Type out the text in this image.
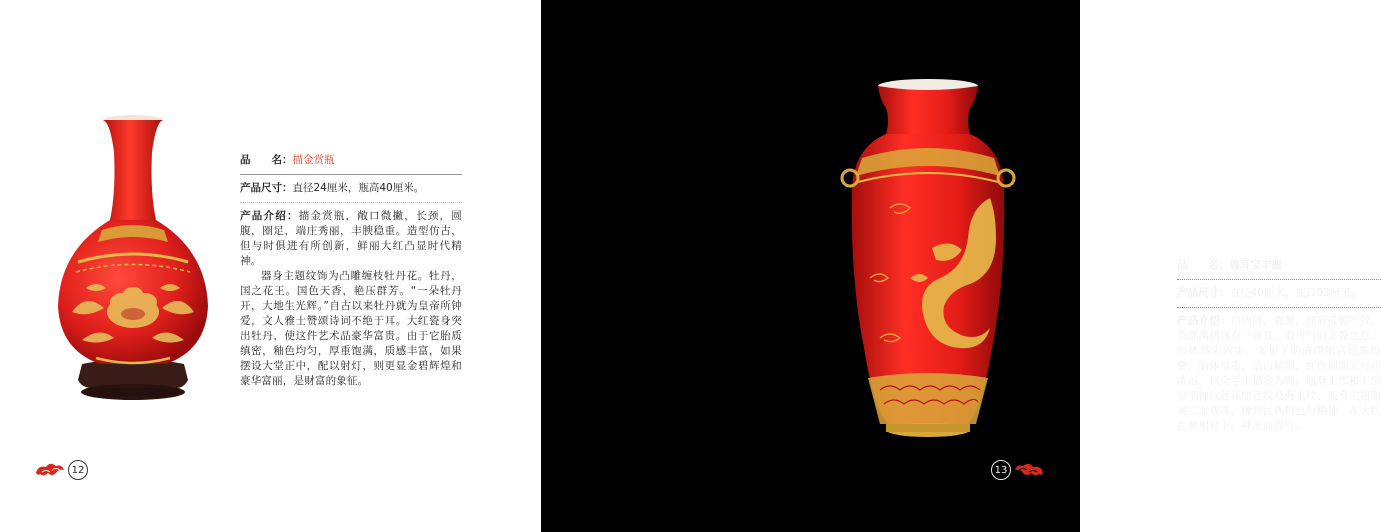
品　　名： 描金赏瓶
产品尺寸： 直径24厘米，瓶高40厘米。

产品介绍：描金赏瓶，敞口微撇，长颈，圆腹，圈足，端庄秀丽，丰腴稳重。造型仿古，但与时俱进有所创新，鲜丽大红凸显时代精神。

器身主题纹饰为凸雕缠枝牡丹花。牡丹，国之花王。国色天香，艳压群芳。“一朵牡丹开，大地生光辉。”自古以来牡丹就为皇帝所钟爱，文人雅士赞颂诗词不绝于耳。大红瓷身突出牡丹，使这件艺术品豪华富贵。由于它胎质缜密，釉色均匀，厚重饱满，质感丰富，如果摆设大堂正中，配以射灯，则更显金碧辉煌和豪华富丽，是财富的象征。

12
品　　名： 兽耳宝丰瓶
产品尺寸： 直径40厘米，瓶高93厘米。

产品介绍：口内敛，直颈，溜肩孤腹下敛，肩部两侧各有一兽耳，取贵气而丰盈之意。形体高大敦实，多见于明清两朝宫廷陈设瓷，胎体厚重，洁白精细，红色釉面光亮而浓丽，以全手工描金为饰，瓶身上部和下部分别饰以莲花如意纹及海水纹，瓶身主题图案二龙戏珠，极具民族特色与精神，在大红色釉相衬下，神圣而贵气。

13
